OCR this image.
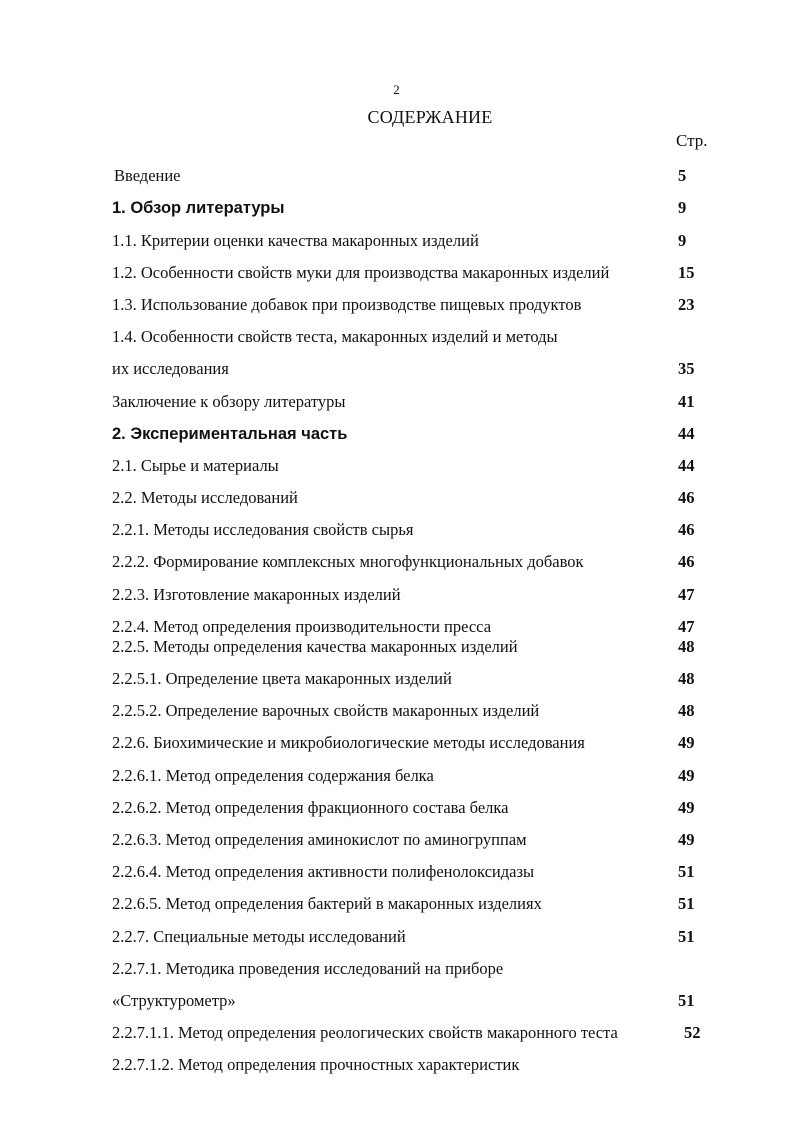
2
СОДЕРЖАНИЕ
Стр.
Введение	5
1. Обзор литературы	9
1.1. Критерии оценки качества макаронных изделий	9
1.2. Особенности свойств муки для производства макаронных изделий	15
1.3. Использование добавок при производстве пищевых продуктов	23
1.4. Особенности свойств теста, макаронных изделий и методы
их исследования	35
Заключение к обзору литературы	41
2. Экспериментальная часть	44
2.1. Сырье и материалы	44
2.2. Методы исследований	46
2.2.1. Методы исследования свойств сырья	46
2.2.2. Формирование комплексных многофункциональных добавок	46
2.2.3. Изготовление макаронных изделий	47
2.2.4. Метод определения производительности пресса	47
2.2.5. Методы определения качества макаронных изделий	48
2.2.5.1. Определение цвета макаронных изделий	48
2.2.5.2. Определение варочных свойств макаронных изделий	48
2.2.6. Биохимические и микробиологические методы исследования	49
2.2.6.1. Метод определения содержания белка	49
2.2.6.2. Метод определения фракционного состава белка	49
2.2.6.3. Метод определения аминокислот по аминогруппам	49
2.2.6.4. Метод определения активности полифенолоксидазы	51
2.2.6.5. Метод определения бактерий в макаронных изделиях	51
2.2.7. Специальные методы исследований	51
2.2.7.1. Методика проведения исследований на приборе
«Структурометр»	51
2.2.7.1.1. Метод определения реологических свойств макаронного теста	52
2.2.7.1.2. Метод определения прочностных характеристик
